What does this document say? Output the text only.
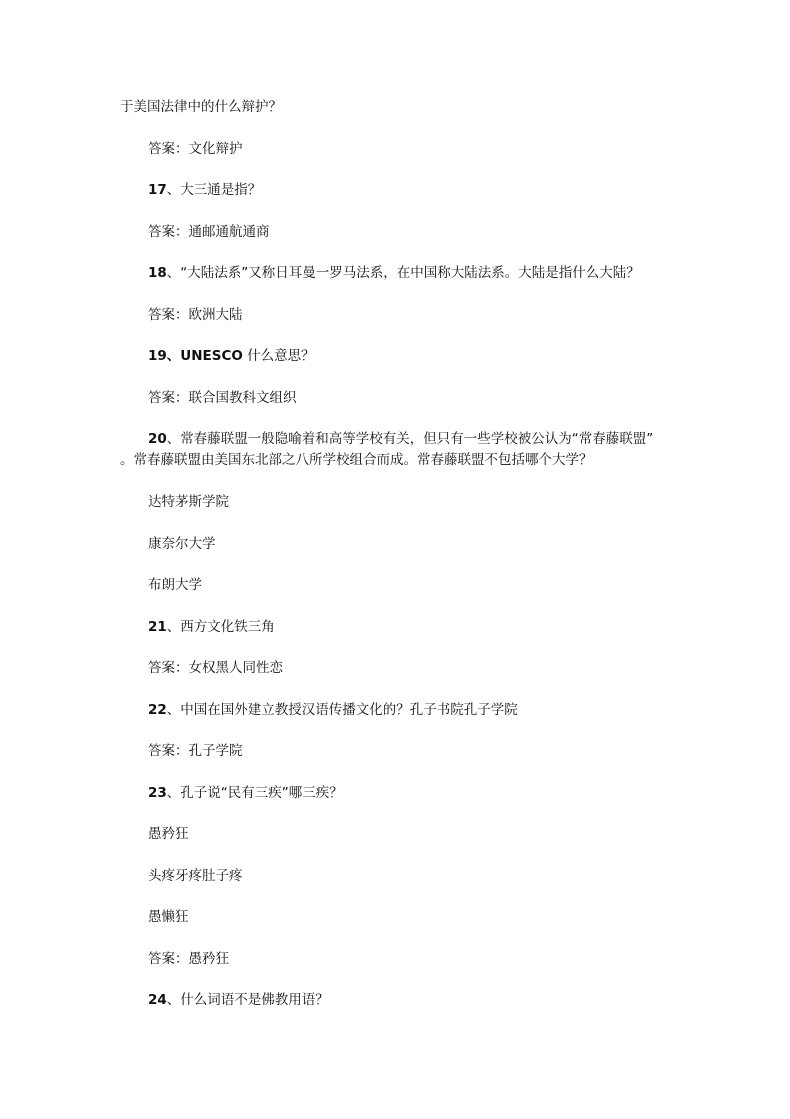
于美国法律中的什么辩护？
答案：文化辩护
17、大三通是指？
答案：通邮通航通商
18、“大陆法系”又称日耳曼一罗马法系，在中国称大陆法系。大陆是指什么大陆？
答案：欧洲大陆
19、UNESCO 什么意思？
答案：联合国教科文组织
20、常春藤联盟一般隐喻着和高等学校有关，但只有一些学校被公认为“常春藤联盟”
。常春藤联盟由美国东北部之八所学校组合而成。常春藤联盟不包括哪个大学？
达特茅斯学院
康奈尔大学
布朗大学
21、西方文化铁三角
答案：女权黑人同性恋
22、中国在国外建立教授汉语传播文化的？孔子书院孔子学院
答案：孔子学院
23、孔子说“民有三疾”哪三疾？
愚矜狂
头疼牙疼肚子疼
愚懒狂
答案：愚矜狂
24、什么词语不是佛教用语？
